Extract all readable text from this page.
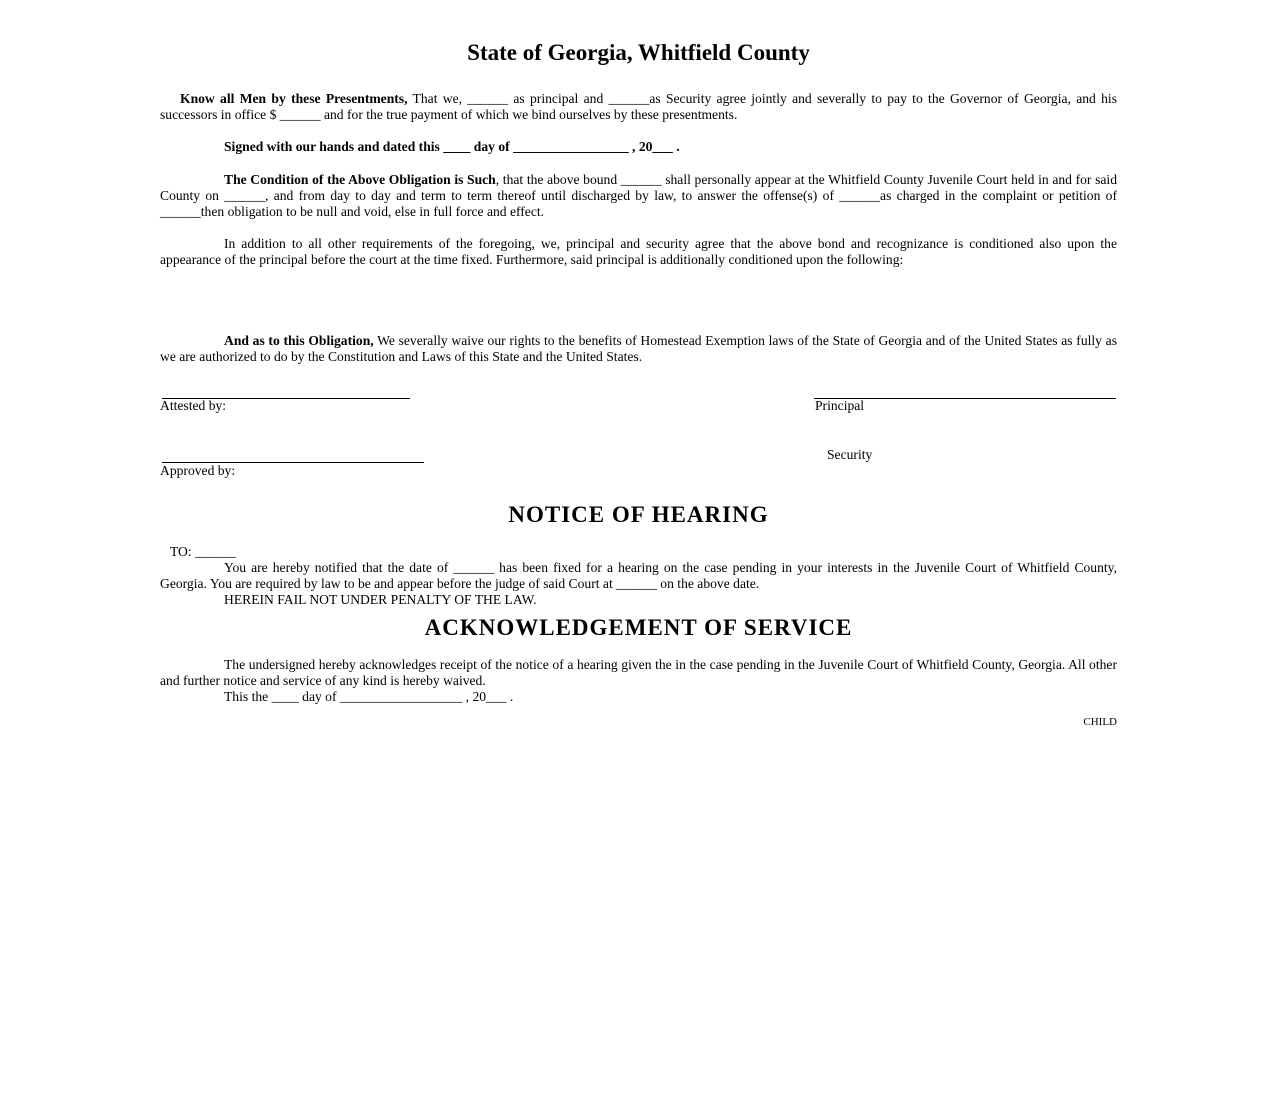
State of Georgia, Whitfield County

Know all Men by these Presentments, That we, ______ as principal and ______as Security agree jointly and severally to pay to the Governor of Georgia, and his successors in office $ ______ and for the true payment of which we bind ourselves by these presentments.

Signed with our hands and dated this ____ day of _________________ , 20___ .

The Condition of the Above Obligation is Such, that the above bound ______ shall personally appear at the Whitfield County Juvenile Court held in and for said County on ______, and from day to day and term to term thereof until discharged by law, to answer the offense(s) of ______as charged in the complaint or petition of ______then obligation to be null and void, else in full force and effect.

In addition to all other requirements of the foregoing, we, principal and security agree that the above bond and recognizance is conditioned also upon the appearance of the principal before the court at the time fixed. Furthermore, said principal is additionally conditioned upon the following:

And as to this Obligation, We severally waive our rights to the benefits of Homestead Exemption laws of the State of Georgia and of the United States as fully as we are authorized to do by the Constitution and Laws of this State and the United States.

Attested by:	Principal

Security

Approved by:

NOTICE OF HEARING

TO: ______

You are hereby notified that the date of ______ has been fixed for a hearing on the case pending in your interests in the Juvenile Court of Whitfield County, Georgia. You are required by law to be and appear before the judge of said Court at ______ on the above date.

HEREIN FAIL NOT UNDER PENALTY OF THE LAW.

ACKNOWLEDGEMENT OF SERVICE

The undersigned hereby acknowledges receipt of the notice of a hearing given the in the case pending in the Juvenile Court of Whitfield County, Georgia. All other and further notice and service of any kind is hereby waived.

This the ____ day of __________________ , 20___ .

CHILD
